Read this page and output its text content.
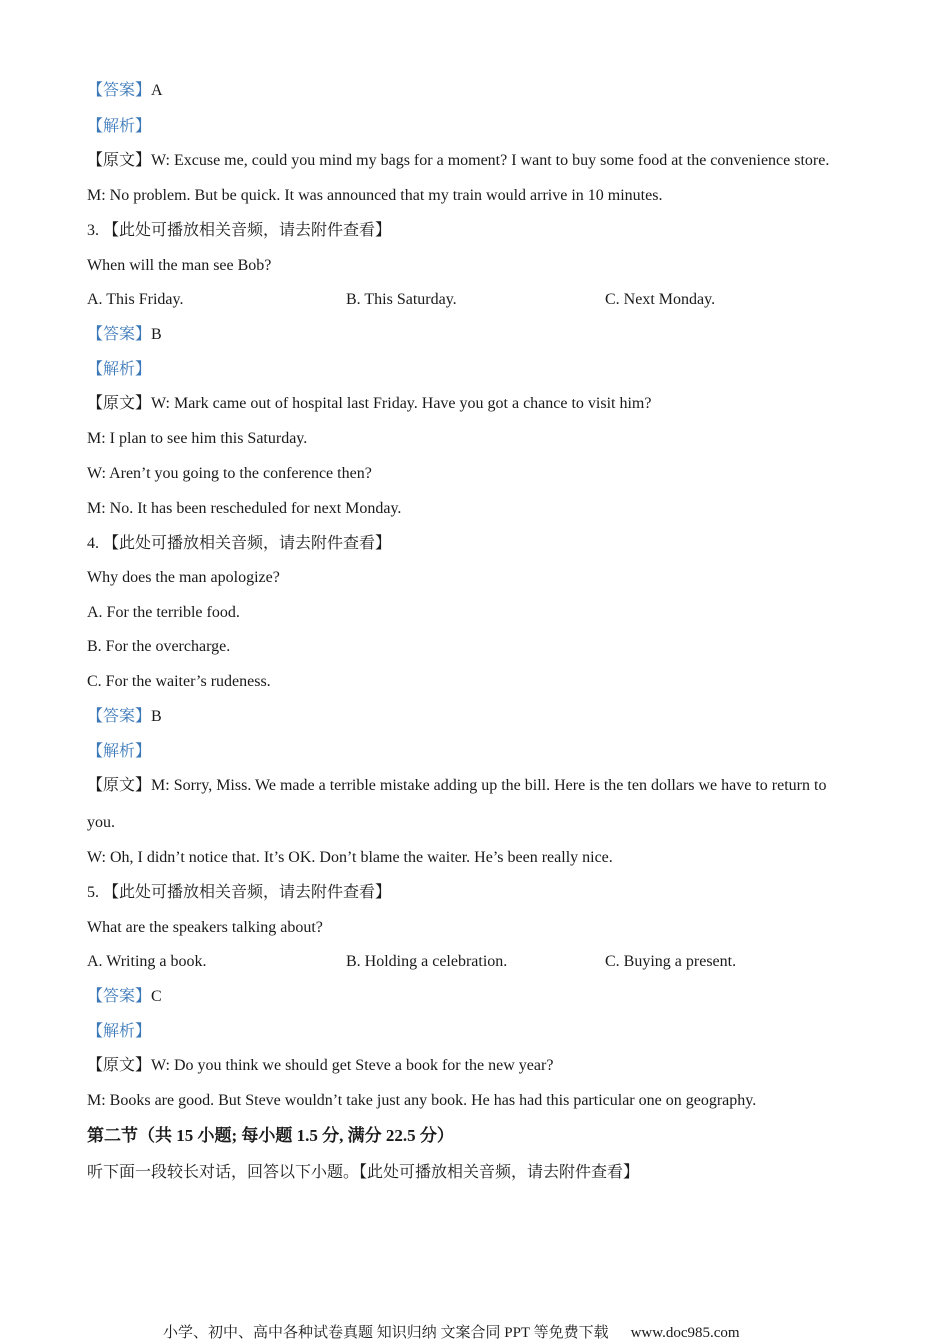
【答案】A
【解析】
【原文】W: Excuse me, could you mind my bags for a moment? I want to buy some food at the convenience store.
M: No problem. But be quick. It was announced that my train would arrive in 10 minutes.
3. 【此处可播放相关音频，请去附件查看】
When will the man see Bob?
A. This Friday.	B. This Saturday.	C. Next Monday.
【答案】B
【解析】
【原文】W: Mark came out of hospital last Friday. Have you got a chance to visit him?
M: I plan to see him this Saturday.
W: Aren’t you going to the conference then?
M: No. It has been rescheduled for next Monday.
4. 【此处可播放相关音频，请去附件查看】
Why does the man apologize?
A. For the terrible food.
B. For the overcharge.
C. For the waiter’s rudeness.
【答案】B
【解析】
【原文】M: Sorry, Miss. We made a terrible mistake adding up the bill. Here is the ten dollars we have to return to
you.
W: Oh, I didn’t notice that. It’s OK. Don’t blame the waiter. He’s been really nice.
5. 【此处可播放相关音频，请去附件查看】
What are the speakers talking about?
A. Writing a book.	B. Holding a celebration.	C. Buying a present.
【答案】C
【解析】
【原文】W: Do you think we should get Steve a book for the new year?
M: Books are good. But Steve wouldn’t take just any book. He has had this particular one on geography.
第二节（共 15 小题; 每小题 1.5 分, 满分 22.5 分）
听下面一段较长对话，回答以下小题。【此处可播放相关音频，请去附件查看】
小学、初中、高中各种试卷真题 知识归纳 文案合同 PPT 等免费下载 www.doc985.com
